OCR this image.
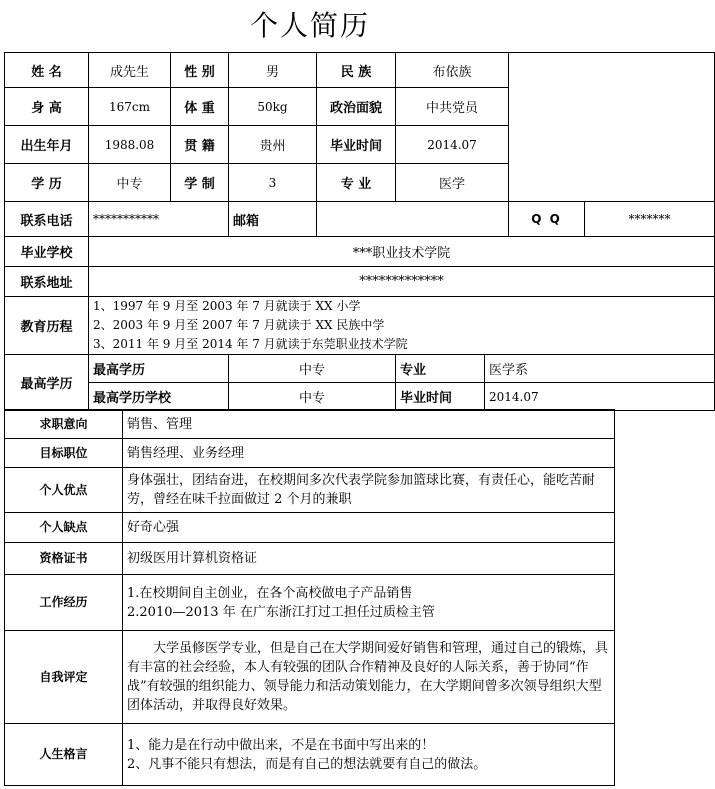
个人简历
姓 名	成先生	性 别	男	民 族	布依族			
身 高	167cm	体 重	50kg	政治面貌	中共党员			
出生年月	1988.08	贯 籍	贵州	毕业时间	2014.07			
学 历	中专	学 制	3	专 业	医学			
联系电话	***********		邮箱				Q Q	*******
毕业学校	***职业技术学院							
联系地址	*************							
教育历程	1、1997 年 9 月至 2003 年 7 月就读于 XX 小学
2、2003 年 9 月至 2007 年 7 月就读于 XX 民族中学
3、2011 年 9 月至 2014 年 7 月就读于东莞职业技术学院							

最高学历	最高学历		中专		专业	医学系		
	最高学历学校		中专		毕业时间	2014.07		
求职意向	销售、管理
目标职位	销售经理、业务经理
个人优点	身体强壮，团结奋进，在校期间多次代表学院参加篮球比赛，有责任心，能吃苦耐劳，曾经在味千拉面做过 2 个月的兼职
个人缺点	好奇心强
资格证书	初级医用计算机资格证
工作经历	1.在校期间自主创业，在各个高校做电子产品销售
2.2010—2013 年 在广东浙江打过工担任过质检主管

自我评定	大学虽修医学专业，但是自己在大学期间爱好销售和管理，通过自己的锻炼，具有丰富的社会经验，本人有较强的团队合作精神及良好的人际关系，善于协同“作战”有较强的组织能力、领导能力和活动策划能力，在大学期间曾多次领导组织大型团体活动，并取得良好效果。
人生格言	1、能力是在行动中做出来，不是在书面中写出来的！
2、凡事不能只有想法，而是有自己的想法就要有自己的做法。
